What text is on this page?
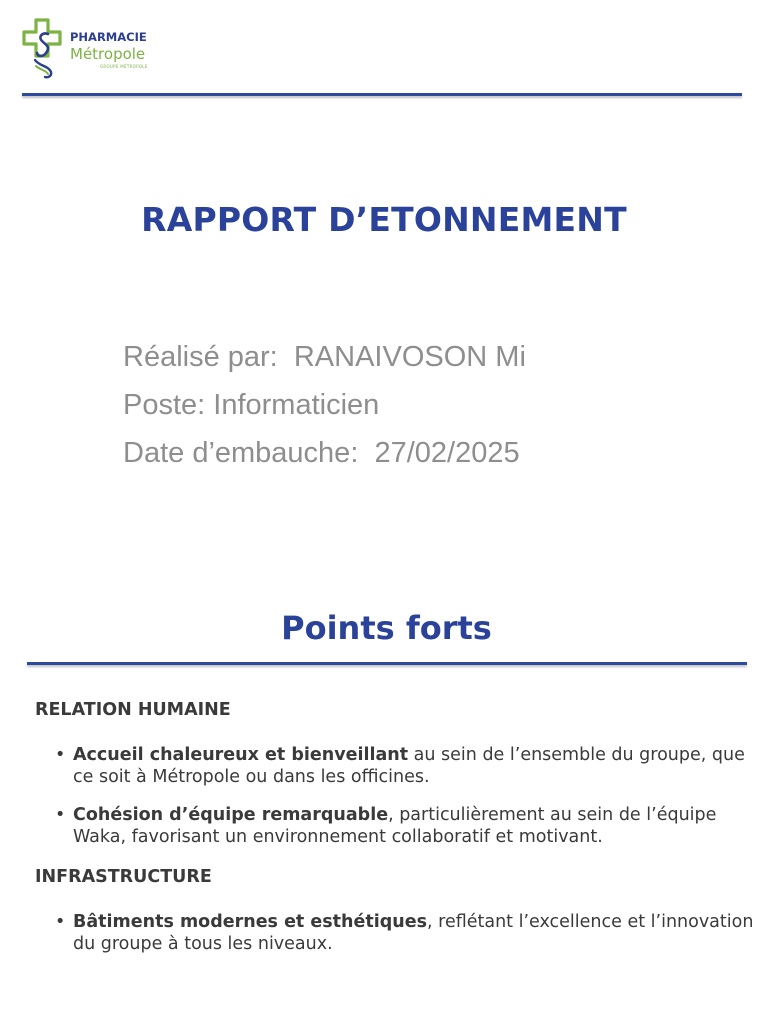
PHARMACIE
Métropole
GROUPE MÉTROPOLE
RAPPORT D’ETONNEMENT
Réalisé par:  RANAIVOSON Mi
Poste: Informaticien
Date d’embauche:  27/02/2025
Points forts
RELATION HUMAINE
• Accueil chaleureux et bienveillant au sein de l’ensemble du groupe, que ce soit à Métropole ou dans les officines.
• Cohésion d’équipe remarquable, particulièrement au sein de l’équipe Waka, favorisant un environnement collaboratif et motivant.
INFRASTRUCTURE
• Bâtiments modernes et esthétiques, reflétant l’excellence et l’innovation du groupe à tous les niveaux.
